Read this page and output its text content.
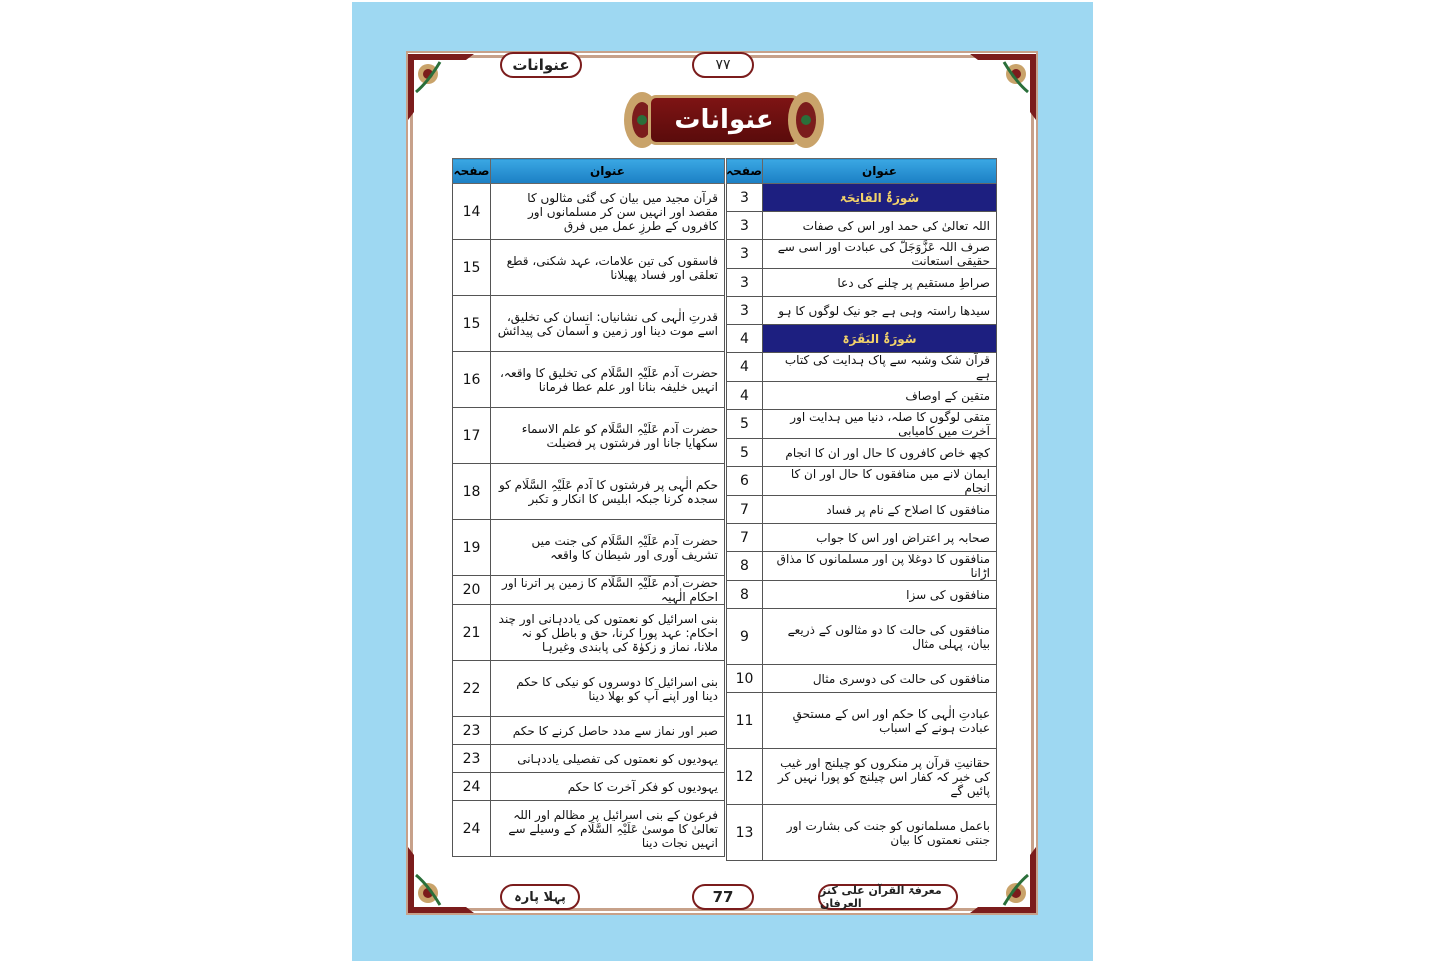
عنوانات	۷۷
عنوانات
عنوان	صفحہ
سُورَۃُ الفَاتِحَۃ	3
اللہ تعالیٰ کی حمد اور اس کی صفات	3
صرف اللہ عَزَّوَجَلَّ کی عبادت اور اسی سے حقیقی استعانت	3
صراطِ مستقیم پر چلنے کی دعا	3
سیدھا راستہ وہی ہے جو نیک لوگوں کا ہو	3
سُورَۃُ البَقَرَۃ	4
قرآن شک وشبہ سے پاک ہدایت کی کتاب ہے	4
متقین کے اوصاف	4
متقی لوگوں کا صلہ، دنیا میں ہدایت اور آخرت میں کامیابی	5
کچھ خاص کافروں کا حال اور ان کا انجام	5
ایمان لانے میں منافقوں کا حال اور ان کا انجام	6
منافقوں کا اصلاح کے نام پر فساد	7
صحابہ پر اعتراض اور اس کا جواب	7
منافقوں کا دوغلا پن اور مسلمانوں کا مذاق اڑانا	8
منافقوں کی سزا	8
منافقوں کی حالت کا دو مثالوں کے ذریعے بیان، پہلی مثال	9
منافقوں کی حالت کی دوسری مثال	10
عبادتِ الٰہی کا حکم اور اس کے مستحقِ عبادت ہونے کے اسباب	11
حقانیتِ قرآن پر منکروں کو چیلنج اور غیب کی خبر کہ کفار اس چیلنج کو پورا نہیں کر پائیں گے	12
باعمل مسلمانوں کو جنت کی بشارت اور جنتی نعمتوں کا بیان	13
عنوان	صفحہ
قرآن مجید میں بیان کی گئی مثالوں کا مقصد اور انہیں سن کر مسلمانوں اور کافروں کے طرزِ عمل میں فرق	14
فاسقوں کی تین علامات، عہد شکنی، قطع تعلقی اور فساد پھیلانا	15
قدرتِ الٰہی کی نشانیاں: انسان کی تخلیق، اسے موت دینا اور زمین و آسمان کی پیدائش	15
حضرت آدم عَلَیْہِ السَّلَام کی تخلیق کا واقعہ، انہیں خلیفہ بنانا اور علم عطا فرمانا	16
حضرت آدم عَلَیْہِ السَّلَام کو علم الاسماء سکھایا جانا اور فرشتوں پر فضیلت	17
حکم الٰہی پر فرشتوں کا آدم عَلَیْہِ السَّلَام کو سجدہ کرنا جبکہ ابلیس کا انکار و تکبر	18
حضرت آدم عَلَیْہِ السَّلَام کی جنت میں تشریف آوری اور شیطان کا واقعہ	19
حضرت آدم عَلَیْہِ السَّلَام کا زمین پر اترنا اور احکامِ الٰہیہ	20
بنی اسرائیل کو نعمتوں کی یاددہانی اور چند احکام: عہد پورا کرنا، حق و باطل کو نہ ملانا، نماز و زکوٰۃ کی پابندی وغیرہا	21
بنی اسرائیل کا دوسروں کو نیکی کا حکم دینا اور اپنے آپ کو بھلا دینا	22
صبر اور نماز سے مدد حاصل کرنے کا حکم	23
یہودیوں کو نعمتوں کی تفصیلی یاددہانی	23
یہودیوں کو فکر آخرت کا حکم	24
فرعون کے بنی اسرائیل پر مظالم اور اللہ تعالیٰ کا موسیٰ عَلَیْہِ السَّلَام کے وسیلے سے انہیں نجات دینا	24
پہلا پارہ	77	معرفۃ القرآن علی کنز العرفان
